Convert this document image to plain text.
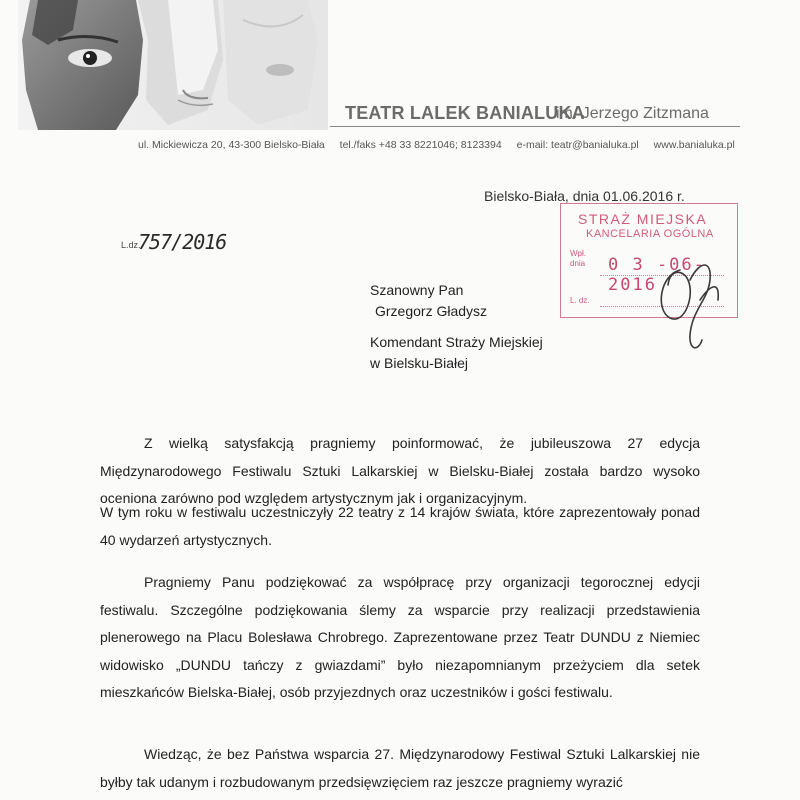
TEATR LALEK BANIALUKA
im. Jerzego Zitzmana
ul. Mickiewicza 20, 43-300 Bielsko-Biała tel./faks +48 33 8221046; 8123394 e-mail: teatr@banialuka.pl www.banialuka.pl
Bielsko-Biała, dnia 01.06.2016 r.
L.dz.
757/2016
STRAŻ MIEJSKA
KANCELARIA OGÓLNA
Wpł.
dnia 0 3 -06- 2016
L. dz.
Szanowny Pan
Grzegorz Gładysz
Komendant Straży Miejskiej
w Bielsku-Białej
Z wielką satysfakcją pragniemy poinformować, że jubileuszowa 27 edycja Międzynarodowego Festiwalu Sztuki Lalkarskiej w Bielsku-Białej została bardzo wysoko oceniona zarówno pod względem artystycznym jak i organizacyjnym.
W tym roku w festiwalu uczestniczyły 22 teatry z 14 krajów świata, które zaprezentowały ponad 40 wydarzeń artystycznych.
Pragniemy Panu podziękować za współpracę przy organizacji tegorocznej edycji festiwalu. Szczególne podziękowania ślemy za wsparcie przy realizacji przedstawienia plenerowego na Placu Bolesława Chrobrego. Zaprezentowane przez Teatr DUNDU z Niemiec widowisko „DUNDU tańczy z gwiazdami” było niezapomnianym przeżyciem dla setek mieszkańców Bielska-Białej, osób przyjezdnych oraz uczestników i gości festiwalu.
Wiedząc, że bez Państwa wsparcia 27. Międzynarodowy Festiwal Sztuki Lalkarskiej nie byłby tak udanym i rozbudowanym przedsięwzięciem raz jeszcze pragniemy wyrazić
